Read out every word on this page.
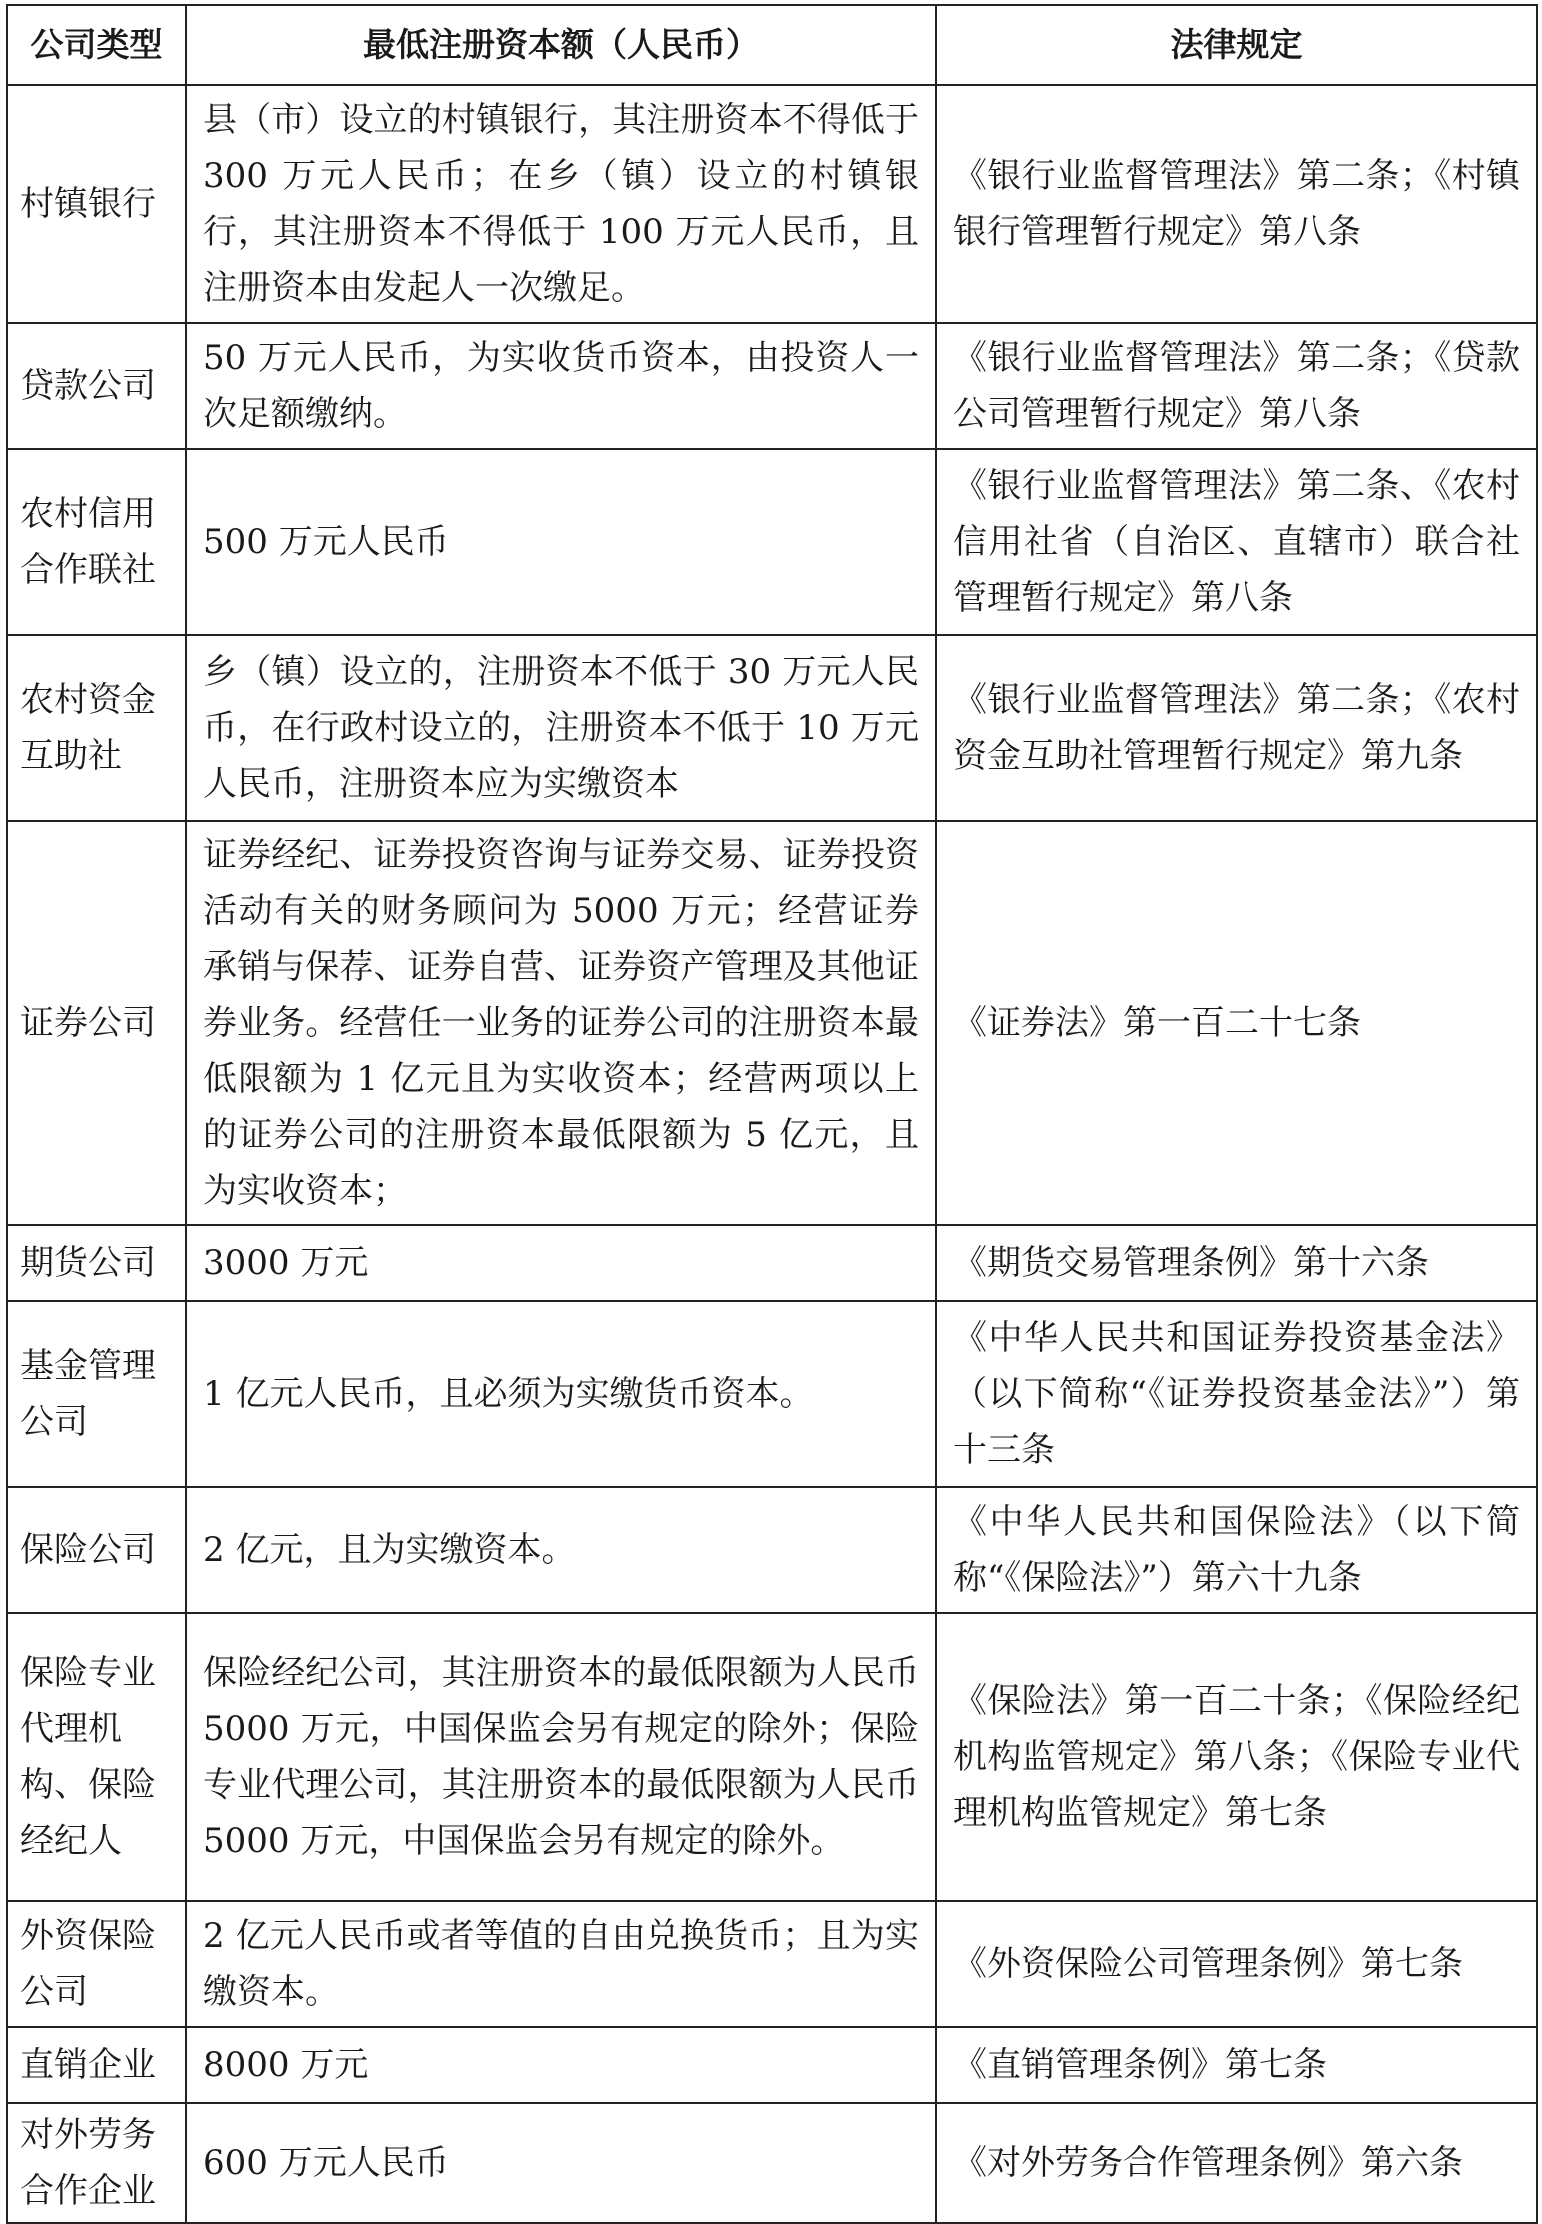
公司类型	最低注册资本额（人民币）	法律规定
村镇银行	县（市）设立的村镇银行，其注册资本不得低于 300 万元人民币；在乡（镇）设立的村镇银行，其注册资本不得低于 100 万元人民币，且注册资本由发起人一次缴足。	《银行业监督管理法》第二条；《村镇银行管理暂行规定》第八条
贷款公司	50 万元人民币，为实收货币资本，由投资人一次足额缴纳。	《银行业监督管理法》第二条；《贷款公司管理暂行规定》第八条
农村信用合作联社	500 万元人民币	《银行业监督管理法》第二条、《农村信用社省（自治区、直辖市）联合社管理暂行规定》第八条
农村资金互助社	乡（镇）设立的，注册资本不低于 30 万元人民币，在行政村设立的，注册资本不低于 10 万元人民币，注册资本应为实缴资本	《银行业监督管理法》第二条；《农村资金互助社管理暂行规定》第九条
证券公司	证券经纪、证券投资咨询与证券交易、证券投资活动有关的财务顾问为 5000 万元；经营证券承销与保荐、证券自营、证券资产管理及其他证券业务。经营任一业务的证券公司的注册资本最低限额为 1 亿元且为实收资本；经营两项以上的证券公司的注册资本最低限额为 5 亿元，且为实收资本；	《证券法》第一百二十七条
期货公司	3000 万元	《期货交易管理条例》第十六条
基金管理公司	1 亿元人民币，且必须为实缴货币资本。	《中华人民共和国证券投资基金法》（以下简称“《证券投资基金法》”）第十三条
保险公司	2 亿元，且为实缴资本。	《中华人民共和国保险法》（以下简称“《保险法》”）第六十九条
保险专业代理机构、保险经纪人	保险经纪公司，其注册资本的最低限额为人民币 5000 万元，中国保监会另有规定的除外；保险专业代理公司，其注册资本的最低限额为人民币 5000 万元，中国保监会另有规定的除外。	《保险法》第一百二十条；《保险经纪机构监管规定》第八条；《保险专业代理机构监管规定》第七条
外资保险公司	2 亿元人民币或者等值的自由兑换货币；且为实缴资本。	《外资保险公司管理条例》第七条
直销企业	8000 万元	《直销管理条例》第七条
对外劳务合作企业	600 万元人民币	《对外劳务合作管理条例》第六条
